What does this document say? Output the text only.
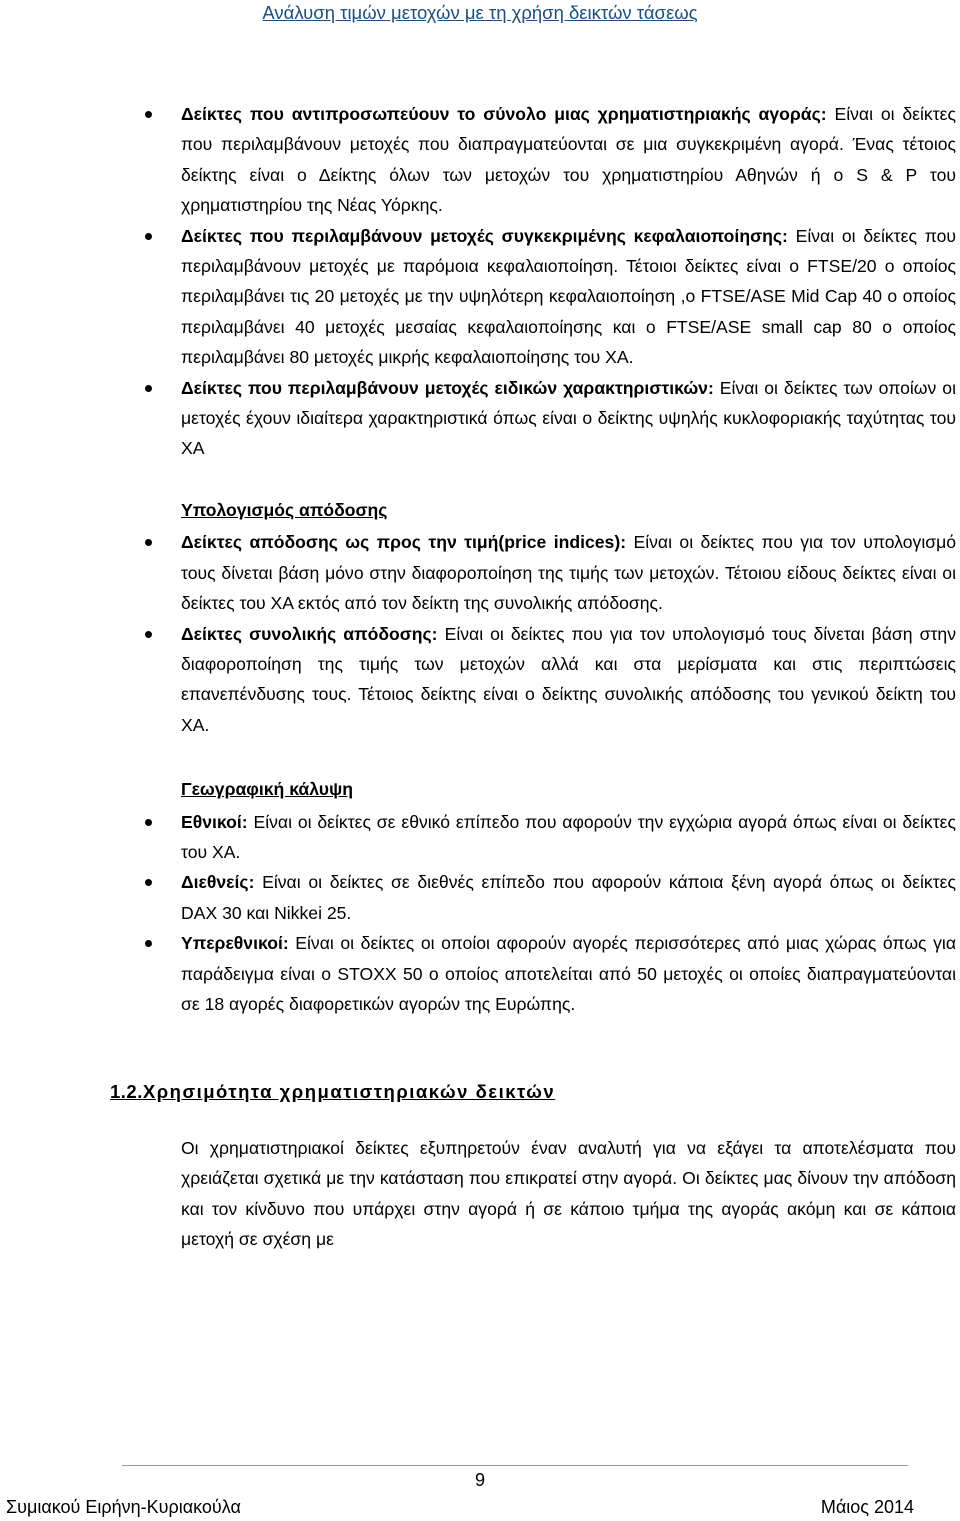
Ανάλυση τιμών μετοχών με τη χρήση δεικτών τάσεως
Δείκτες που αντιπροσωπεύουν το σύνολο μιας χρηματιστηριακής αγοράς: Είναι οι δείκτες που περιλαμβάνουν μετοχές που διαπραγματεύονται σε μια συγκεκριμένη αγορά. Ένας τέτοιος δείκτης είναι ο Δείκτης όλων των μετοχών του χρηματιστηρίου Αθηνών ή ο S & P του χρηματιστηρίου της Νέας Υόρκης.
Δείκτες που περιλαμβάνουν μετοχές συγκεκριμένης κεφαλαιοποίησης: Είναι οι δείκτες που περιλαμβάνουν μετοχές με παρόμοια κεφαλαιοποίηση. Τέτοιοι δείκτες είναι ο FTSE/20 ο οποίος περιλαμβάνει τις 20 μετοχές με την υψηλότερη κεφαλαιοποίηση ,ο FTSE/ASE Mid Cap 40 ο οποίος περιλαμβάνει 40 μετοχές μεσαίας κεφαλαιοποίησης και ο FTSE/ASE small cap 80 ο οποίος περιλαμβάνει 80 μετοχές μικρής κεφαλαιοποίησης του ΧΑ.
Δείκτες που περιλαμβάνουν μετοχές ειδικών χαρακτηριστικών: Είναι οι δείκτες των οποίων οι μετοχές έχουν ιδιαίτερα χαρακτηριστικά όπως είναι ο δείκτης υψηλής κυκλοφοριακής ταχύτητας του ΧΑ
Υπολογισμός απόδοσης
Δείκτες απόδοσης ως προς την τιμή(price indices): Είναι οι δείκτες που για τον υπολογισμό τους δίνεται βάση μόνο στην διαφοροποίηση της τιμής των μετοχών. Τέτοιου είδους δείκτες είναι οι δείκτες του ΧΑ εκτός από τον δείκτη της συνολικής απόδοσης.
Δείκτες συνολικής απόδοσης: Είναι οι δείκτες που για τον υπολογισμό τους δίνεται βάση στην διαφοροποίηση της τιμής των μετοχών αλλά και στα μερίσματα και στις περιπτώσεις επανεπένδυσης τους. Τέτοιος δείκτης είναι ο δείκτης συνολικής απόδοσης του γενικού δείκτη του ΧΑ.
Γεωγραφική κάλυψη
Εθνικοί: Είναι οι δείκτες σε εθνικό επίπεδο που αφορούν την εγχώρια αγορά όπως είναι οι δείκτες του ΧΑ.
Διεθνείς: Είναι οι δείκτες σε διεθνές επίπεδο που αφορούν κάποια ξένη αγορά όπως οι δείκτες DAX 30 και Nikkei 25.
Υπερεθνικοί: Είναι οι δείκτες οι οποίοι αφορούν αγορές περισσότερες από μιας χώρας όπως για παράδειγμα είναι ο STOXX 50 ο οποίος αποτελείται από 50 μετοχές οι οποίες διαπραγματεύονται σε 18 αγορές διαφορετικών αγορών της Ευρώπης.
1.2.Χρησιμότητα χρηματιστηριακών δεικτών
Οι χρηματιστηριακοί δείκτες εξυπηρετούν έναν αναλυτή για να εξάγει τα αποτελέσματα που χρειάζεται σχετικά με την κατάσταση που επικρατεί στην αγορά. Οι δείκτες μας δίνουν την απόδοση και τον κίνδυνο που υπάρχει στην αγορά ή σε κάποιο τμήμα της αγοράς ακόμη και σε κάποια μετοχή σε σχέση με
9
Συμιακού Ειρήνη-Κυριακούλα	Μάιος 2014
